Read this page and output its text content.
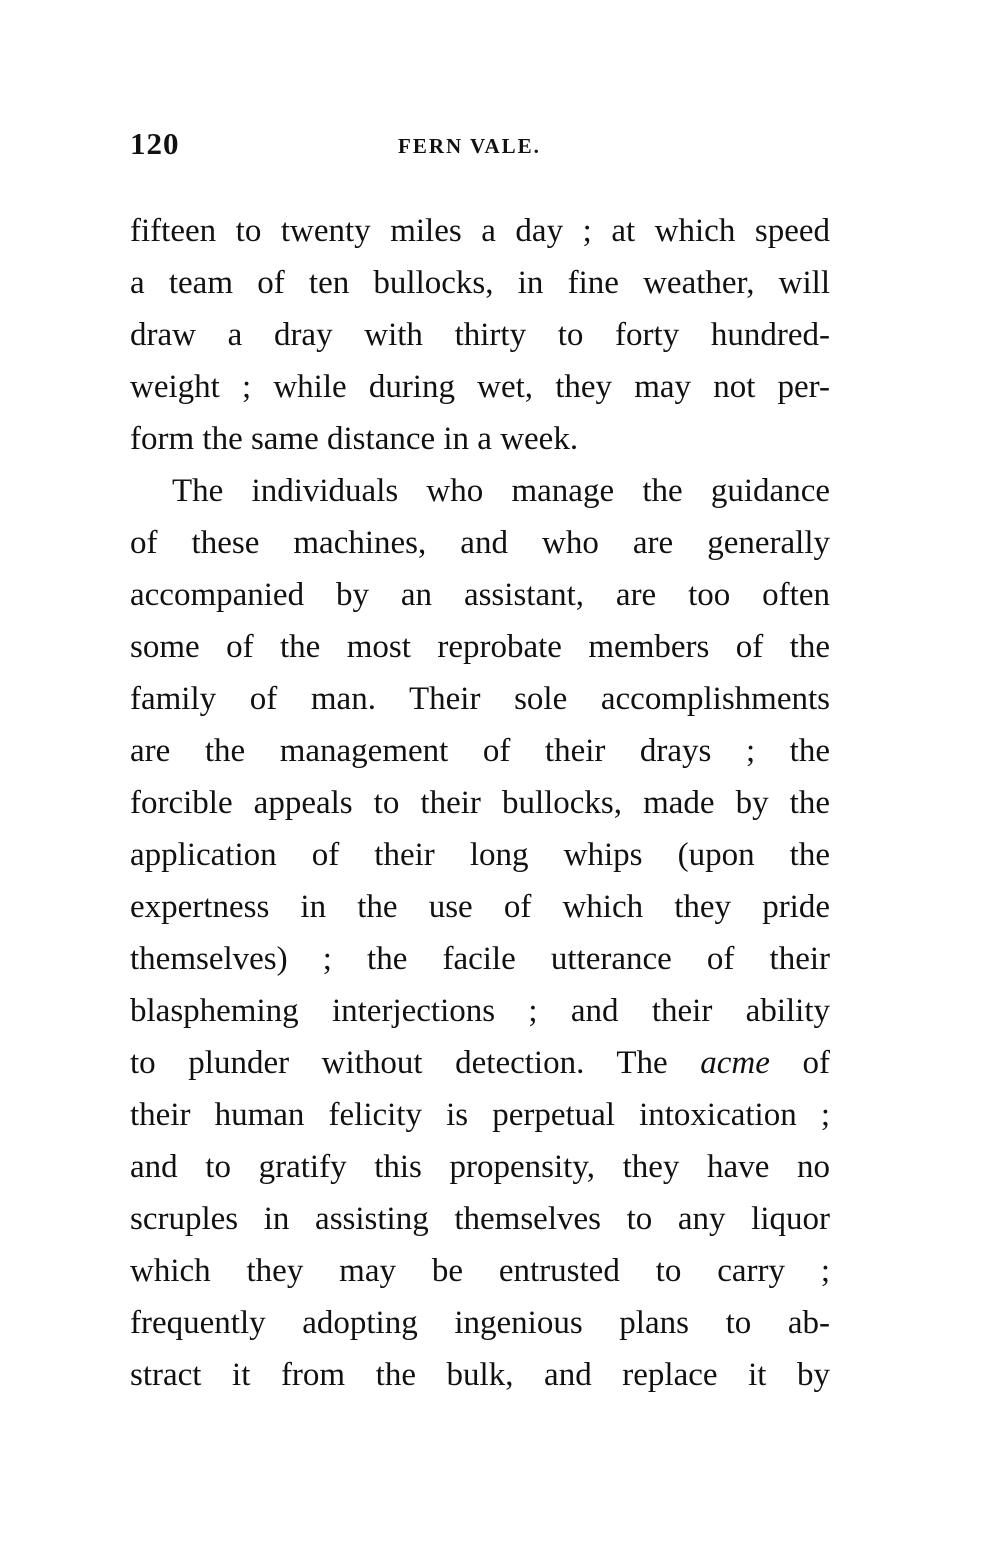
120	FERN VALE.
fifteen to twenty miles a day ; at which speed
a team of ten bullocks, in fine weather, will
draw a dray with thirty to forty hundred-
weight ; while during wet, they may not per-
form the same distance in a week.
The individuals who manage the guidance
of these machines, and who are generally
accompanied by an assistant, are too often
some of the most reprobate members of the
family of man. Their sole accomplishments
are the management of their drays ; the
forcible appeals to their bullocks, made by the
application of their long whips (upon the
expertness in the use of which they pride
themselves) ; the facile utterance of their
blaspheming interjections ; and their ability
to plunder without detection. The acme of
their human felicity is perpetual intoxication ;
and to gratify this propensity, they have no
scruples in assisting themselves to any liquor
which they may be entrusted to carry ;
frequently adopting ingenious plans to ab-
stract it from the bulk, and replace it by
